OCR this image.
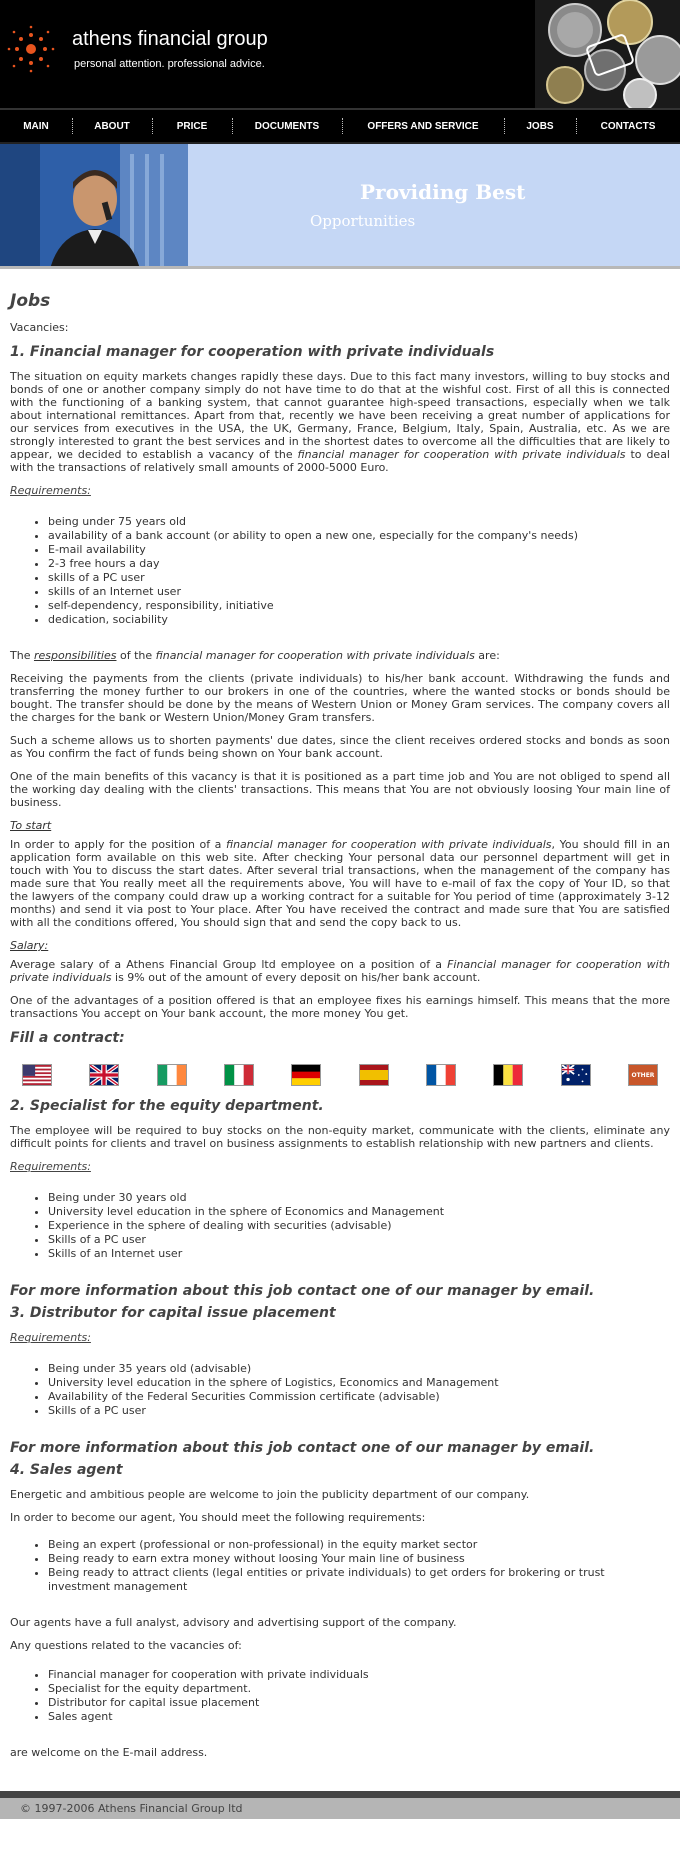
athens financial group
personal attention. professional advice.
MAIN	ABOUT	PRICE	DOCUMENTS	OFFERS AND SERVICE	JOBS	CONTACTS
Providing Best
Opportunities
Jobs

Vacancies:

1. Financial manager for cooperation with private individuals

The situation on equity markets changes rapidly these days. Due to this fact many investors, willing to buy stocks and bonds of one or another company simply do not have time to do that at the wishful cost. First of all this is connected with the functioning of a banking system, that cannot guarantee high-speed transactions, especially when we talk about international remittances. Apart from that, recently we have been receiving a great number of applications for our services from executives in the USA, the UK, Germany, France, Belgium, Italy, Spain, Australia, etc. As we are strongly interested to grant the best services and in the shortest dates to overcome all the difficulties that are likely to appear, we decided to establish a vacancy of the financial manager for cooperation with private individuals to deal with the transactions of relatively small amounts of 2000-5000 Euro.

Requirements:
• being under 75 years old
• availability of a bank account (or ability to open a new one, especially for the company's needs)
• E-mail availability
• 2-3 free hours a day
• skills of a PC user
• skills of an Internet user
• self-dependency, responsibility, initiative
• dedication, sociability

The responsibilities of the financial manager for cooperation with private individuals are:

Receiving the payments from the clients (private individuals) to his/her bank account. Withdrawing the funds and transferring the money further to our brokers in one of the countries, where the wanted stocks or bonds should be bought. The transfer should be done by the means of Western Union or Money Gram services. The company covers all the charges for the bank or Western Union/Money Gram transfers.

Such a scheme allows us to shorten payments' due dates, since the client receives ordered stocks and bonds as soon as You confirm the fact of funds being shown on Your bank account.

One of the main benefits of this vacancy is that it is positioned as a part time job and You are not obliged to spend all the working day dealing with the clients' transactions. This means that You are not obviously loosing Your main line of business.

To start

In order to apply for the position of a financial manager for cooperation with private individuals, You should fill in an application form available on this web site. After checking Your personal data our personnel department will get in touch with You to discuss the start dates. After several trial transactions, when the management of the company has made sure that You really meet all the requirements above, You will have to e-mail of fax the copy of Your ID, so that the lawyers of the company could draw up a working contract for a suitable for You period of time (approximately 3-12 months) and send it via post to Your place. After You have received the contract and made sure that You are satisfied with all the conditions offered, You should sign that and send the copy back to us.

Salary:

Average salary of a Athens Financial Group ltd employee on a position of a Financial manager for cooperation with private individuals is 9% out of the amount of every deposit on his/her bank account.

One of the advantages of a position offered is that an employee fixes his earnings himself. This means that the more transactions You accept on Your bank account, the more money You get.

Fill a contract:
OTHER
2. Specialist for the equity department.

The employee will be required to buy stocks on the non-equity market, communicate with the clients, eliminate any difficult points for clients and travel on business assignments to establish relationship with new partners and clients.

Requirements:
• Being under 30 years old
• University level education in the sphere of Economics and Management
• Experience in the sphere of dealing with securities (advisable)
• Skills of a PC user
• Skills of an Internet user
For more information about this job contact one of our manager by email.
3. Distributor for capital issue placement
Requirements:
• Being under 35 years old (advisable)
• University level education in the sphere of Logistics, Economics and Management
• Availability of the Federal Securities Commission certificate (advisable)
• Skills of a PC user
For more information about this job contact one of our manager by email.
4. Sales agent

Energetic and ambitious people are welcome to join the publicity department of our company.

In order to become our agent, You should meet the following requirements:

• Being an expert (professional or non-professional) in the equity market sector
• Being ready to earn extra money without loosing Your main line of business
• Being ready to attract clients (legal entities or private individuals) to get orders for brokering or trust investment management

Our agents have a full analyst, advisory and advertising support of the company.

Any questions related to the vacancies of:

• Financial manager for cooperation with private individuals
• Specialist for the equity department.
• Distributor for capital issue placement
• Sales agent

are welcome on the E-mail address.

© 1997-2006 Athens Financial Group ltd
